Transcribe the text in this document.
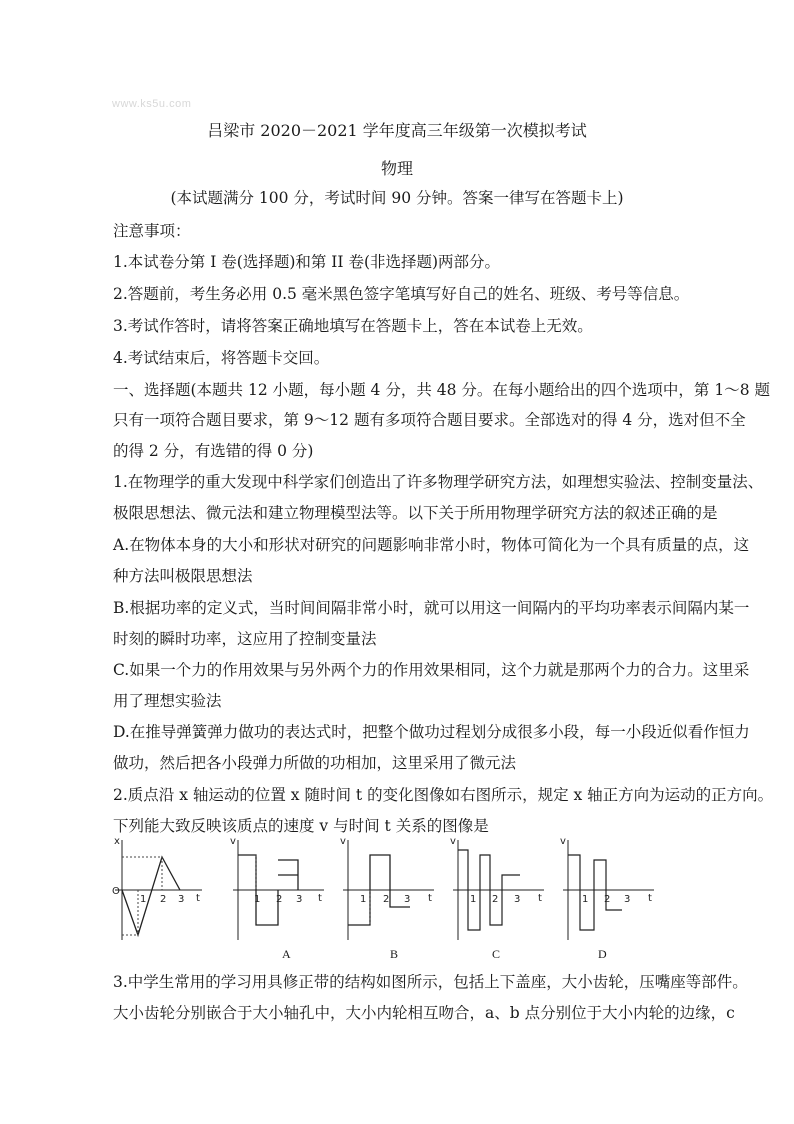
www.ks5u.com
吕梁市 2020－2021 学年度高三年级第一次模拟考试
物理
(本试题满分 100 分，考试时间 90 分钟。答案一律写在答题卡上)
注意事项：
1.本试卷分第 I 卷(选择题)和第 II 卷(非选择题)两部分。
2.答题前，考生务必用 0.5 毫米黑色签字笔填写好自己的姓名、班级、考号等信息。
3.考试作答时，请将答案正确地填写在答题卡上，答在本试卷上无效。
4.考试结束后，将答题卡交回。
一、选择题(本题共 12 小题，每小题 4 分，共 48 分。在每小题给出的四个选项中，第 1～8 题
只有一项符合题目要求，第 9～12 题有多项符合题目要求。全部选对的得 4 分，选对但不全
的得 2 分，有选错的得 0 分)
1.在物理学的重大发现中科学家们创造出了许多物理学研究方法，如理想实验法、控制变量法、
极限思想法、微元法和建立物理模型法等。以下关于所用物理学研究方法的叙述正确的是
A.在物体本身的大小和形状对研究的问题影响非常小时，物体可简化为一个具有质量的点，这
种方法叫极限思想法
B.根据功率的定义式，当时间间隔非常小时，就可以用这一间隔内的平均功率表示间隔内某一
时刻的瞬时功率，这应用了控制变量法
C.如果一个力的作用效果与另外两个力的作用效果相同，这个力就是那两个力的合力。这里采
用了理想实验法
D.在推导弹簧弹力做功的表达式时，把整个做功过程划分成很多小段，每一小段近似看作恒力
做功，然后把各小段弹力所做的功相加，这里采用了微元法
2.质点沿 x 轴运动的位置 x 随时间 t 的变化图像如右图所示，规定 x 轴正方向为运动的正方向。
下列能大致反映该质点的速度 v 与时间 t 关系的图像是
x
O
1 2 3 t
v
1 2 3 t
v
1 2 3 t
v
1 2 3 t
v
1 2 3 t
A	B	C	D
3.中学生常用的学习用具修正带的结构如图所示，包括上下盖座，大小齿轮，压嘴座等部件。
大小齿轮分别嵌合于大小轴孔中，大小内轮相互吻合，a、b 点分别位于大小内轮的边缘，c
